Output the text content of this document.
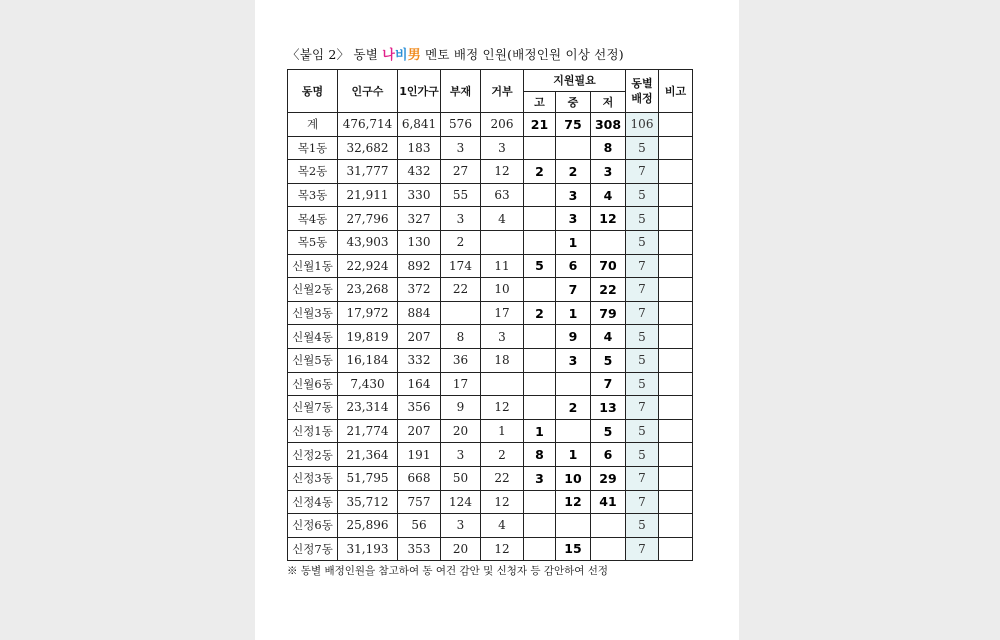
〈붙임 2〉 동별 나비男 멘토 배정 인원(배정인원 이상 선정)
동명	인구수	1인가구	부재	거부	지원필요			동별 배정	비고
					고	중	저		
계	476,714	6,841	576	206	21	75	308	106	
목1동	32,682	183	3	3			8	5	
목2동	31,777	432	27	12	2	2	3	7	
목3동	21,911	330	55	63		3	4	5	
목4동	27,796	327	3	4		3	12	5	
목5동	43,903	130	2			1		5	
신월1동	22,924	892	174	11	5	6	70	7	
신월2동	23,268	372	22	10		7	22	7	
신월3동	17,972	884		17	2	1	79	7	
신월4동	19,819	207	8	3		9	4	5	
신월5동	16,184	332	36	18		3	5	5	
신월6동	7,430	164	17				7	5	
신월7동	23,314	356	9	12		2	13	7	
신정1동	21,774	207	20	1	1		5	5	
신정2동	21,364	191	3	2	8	1	6	5	
신정3동	51,795	668	50	22	3	10	29	7	
신정4동	35,712	757	124	12		12	41	7	
신정6동	25,896	56	3	4				5	
신정7동	31,193	353	20	12		15		7	
※ 동별 배정인원을 참고하여 동 여건 감안 및 신청자 등 감안하여 선정
